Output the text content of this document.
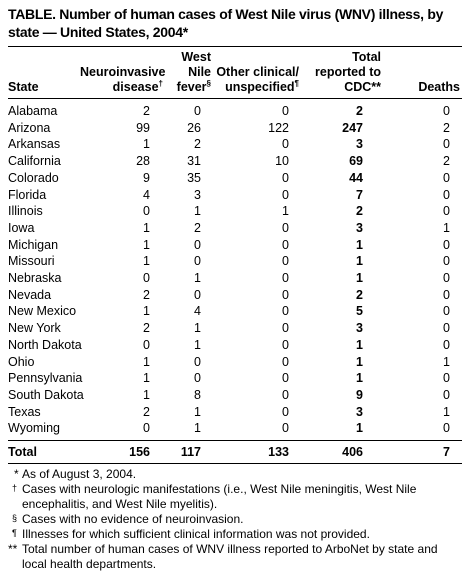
TABLE. Number of human cases of West Nile virus (WNV) illness, by state — United States, 2004*
State	Neuroinvasive disease†	West Nile fever§	Other clinical/ unspecified¶	Total reported to CDC**	Deaths

Alabama	2	0	0	2	0
Arizona	99	26	122	247	2
Arkansas	1	2	0	3	0
California	28	31	10	69	2
Colorado	9	35	0	44	0
Florida	4	3	0	7	0
Illinois	0	1	1	2	0
Iowa	1	2	0	3	1
Michigan	1	0	0	1	0
Missouri	1	0	0	1	0
Nebraska	0	1	0	1	0
Nevada	2	0	0	2	0
New Mexico	1	4	0	5	0
New York	2	1	0	3	0
North Dakota	0	1	0	1	0
Ohio	1	0	0	1	1
Pennsylvania	1	0	0	1	0
South Dakota	1	8	0	9	0
Texas	2	1	0	3	1
Wyoming	0	1	0	1	0

Total	156	117	133	406	7

* As of August 3, 2004.
† Cases with neurologic manifestations (i.e., West Nile meningitis, West Nile encephalitis, and West Nile myelitis).
§ Cases with no evidence of neuroinvasion.
¶ Illnesses for which sufficient clinical information was not provided.
** Total number of human cases of WNV illness reported to ArboNet by state and local health departments.
